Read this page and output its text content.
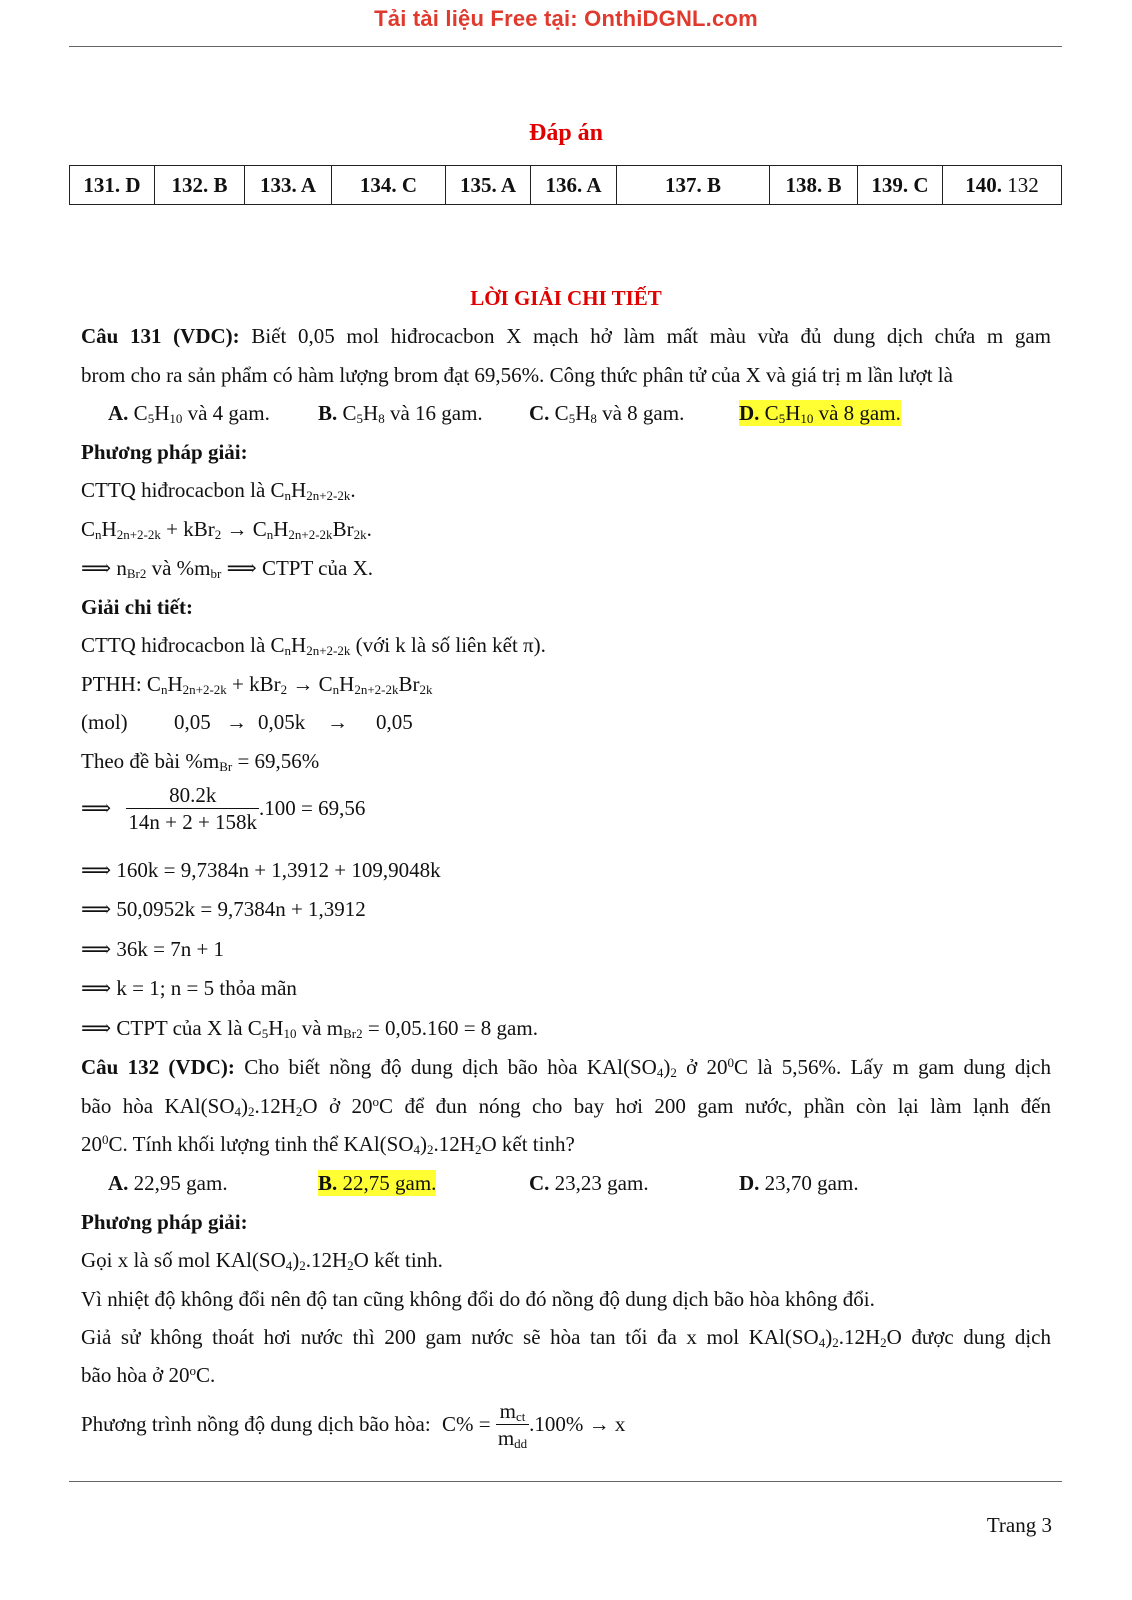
Tải tài liệu Free tại: OnthiDGNL.com
Đáp án
131. D	132. B	133. A	134. C	135. A	136. A	137. B	138. B	139. C	140. 132
LỜI GIẢI CHI TIẾT
Câu 131 (VDC): Biết 0,05 mol hiđrocacbon X mạch hở làm mất màu vừa đủ dung dịch chứa m gam
brom cho ra sản phẩm có hàm lượng brom đạt 69,56%. Công thức phân tử của X và giá trị m lần lượt là
A. $C_5H_{10}$ và 4 gam. B. $C_5H_8$ và 16 gam. C. $C_5H_8$ và 8 gam.	D. $C_5H_{10}$ và 8 gam.
Phương pháp giải:
CTTQ hiđrocacbon là $C_nH_{2n+2-2k}$.
$C_nH_{2n+2-2k} + kBr_2 \to C_nH_{2n+2-2k}Br_{2k}$.
⟹ $n_{Br2}$ và $\%m_{br}$ ⟹ CTPT của X.
Giải chi tiết:
CTTQ hiđrocacbon là $C_nH_{2n+2-2k}$ (với k là số liên kết π).
PTHH: $C_nH_{2n+2-2k} + kBr_2 \to C_nH_{2n+2-2k}Br_{2k}$
(mol) 0,05 → 0,05k → 0,05
Theo đề bài $\%m_{Br} = 69,56\%$
⟹ $\frac{80.2k}{14n + 2 + 158k} .100 = 69,56$
⟹ 160k = 9,7384n + 1,3912 + 109,9048k
⟹ 50,0952k = 9,7384n + 1,3912
⟹ 36k = 7n + 1
⟹ k = 1; n = 5 thỏa mãn
⟹ CTPT của X là $C_5H_{10}$ và $m_{Br2} = 0,05.160 = 8$ gam.
Câu 132 (VDC): Cho biết nồng độ dung dịch bão hòa $KAl(SO_4)_2$ ở $20^0C$ là 5,56%. Lấy m gam dung dịch
bão hòa $KAl(SO_4)_2.12H_2O$ ở 20$^o$C để đun nóng cho bay hơi 200 gam nước, phần còn lại làm lạnh đến
$20^0C$. Tính khối lượng tinh thể $KAl(SO_4)_2.12H_2O$ kết tinh?
A. 22,95 gam.	B. 22,75 gam.	C. 23,23 gam.	D. 23,70 gam.
Phương pháp giải:
Gọi x là số mol $KAl(SO_4)_2.12H_2O$ kết tinh.
Vì nhiệt độ không đổi nên độ tan cũng không đổi do đó nồng độ dung dịch bão hòa không đổi.
Giả sử không thoát hơi nước thì 200 gam nước sẽ hòa tan tối đa x mol $KAl(SO_4)_2.12H_2O$ được dung dịch
bão hòa ở 20$^o$C.
Phương trình nồng độ dung dịch bão hòa: $C\% = \frac{m_{ct}}{m_{dd}} .100\% \to x$
Trang 3
